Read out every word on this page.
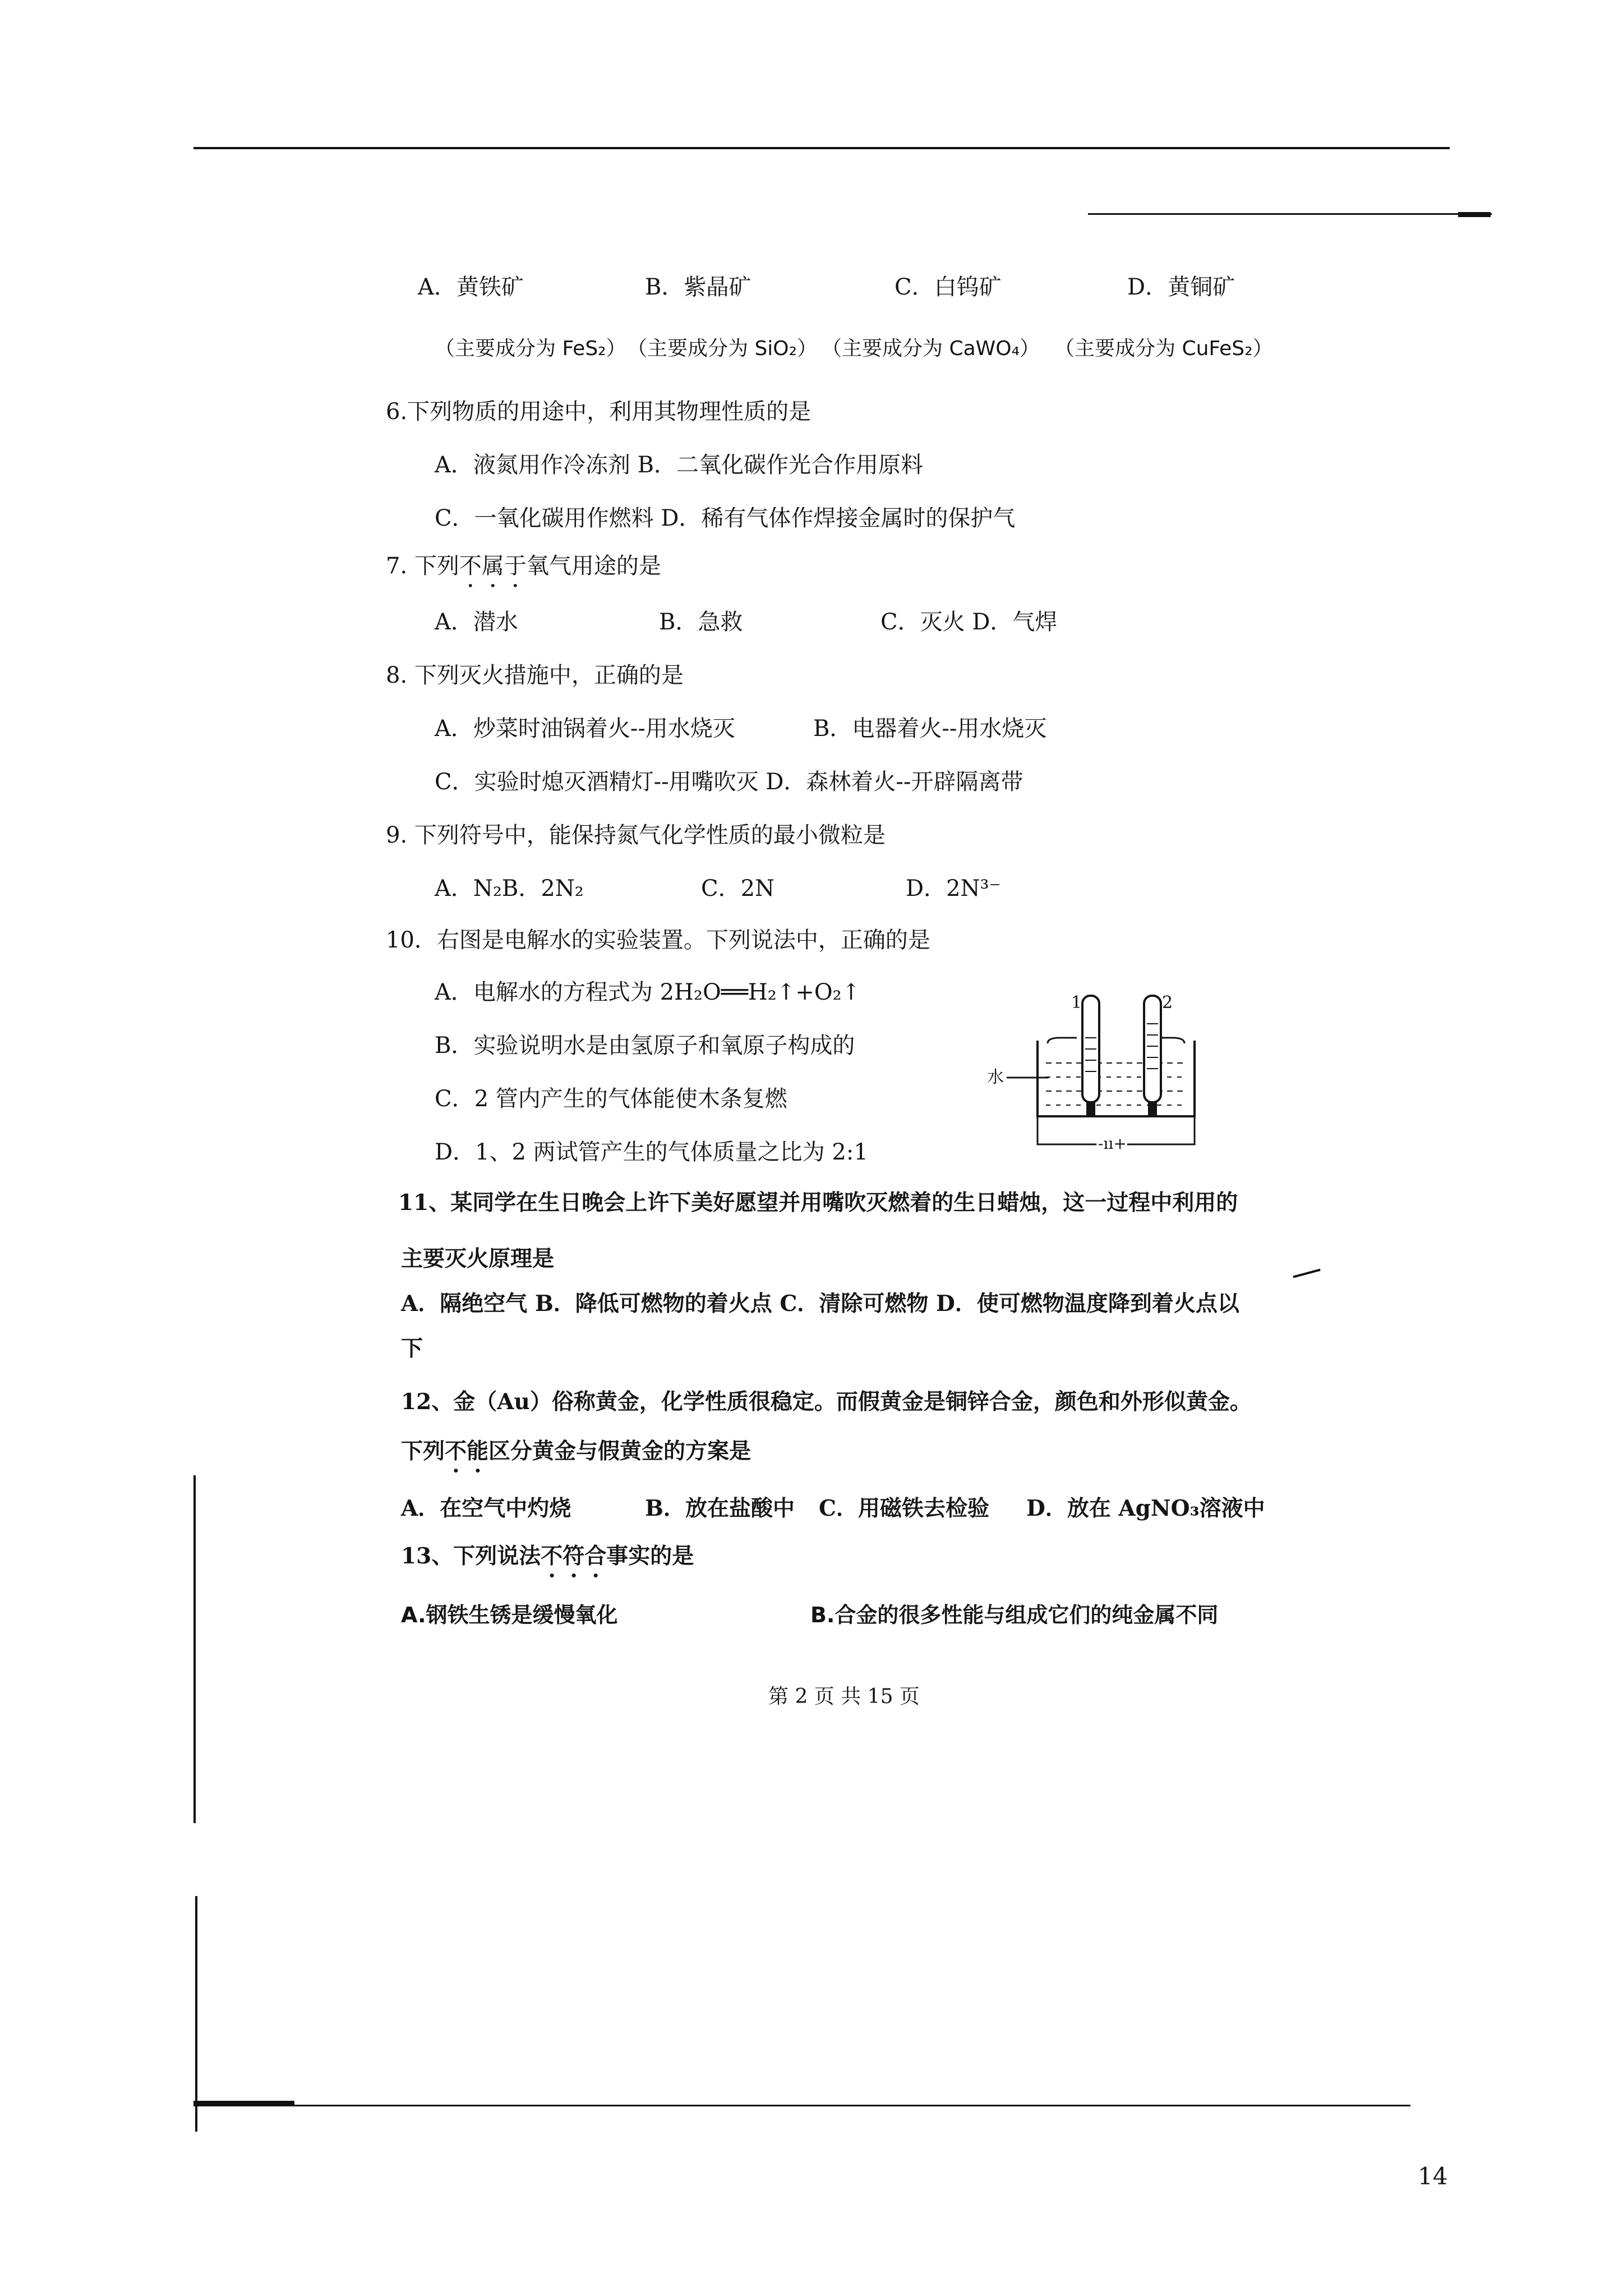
A．黄铁矿	B．紫晶矿	C．白钨矿	D．黄铜矿
（主要成分为 FeS₂） （主要成分为 SiO₂） （主要成分为 CaWO₄） （主要成分为 CuFeS₂）
6.下列物质的用途中，利用其物理性质的是
A．液氮用作冷冻剂 B．二氧化碳作光合作用原料
C．一氧化碳用作燃料 D．稀有气体作焊接金属时的保护气
7. 下列不属于氧气用途的是
A．潜水	B．急救	C．灭火 D．气焊
8. 下列灭火措施中，正确的是
A．炒菜时油锅着火--用水烧灭	B．电器着火--用水烧灭
C．实验时熄灭酒精灯--用嘴吹灭 D．森林着火--开辟隔离带
9. 下列符号中，能保持氮气化学性质的最小微粒是
A．N₂B．2N₂	C．2N	D．2N³⁻
10．右图是电解水的实验装置。下列说法中，正确的是
A．电解水的方程式为 2H₂O══H₂↑+O₂↑
B．实验说明水是由氢原子和氧原子构成的
C．2 管内产生的气体能使木条复燃
D．1、2 两试管产生的气体质量之比为 2:1
1	2
水
-ıı+
11、某同学在生日晚会上许下美好愿望并用嘴吹灭燃着的生日蜡烛，这一过程中利用的
主要灭火原理是
A．隔绝空气 B．降低可燃物的着火点 C．清除可燃物 D．使可燃物温度降到着火点以
下
12、金（Au）俗称黄金，化学性质很稳定。而假黄金是铜锌合金，颜色和外形似黄金。
下列不能区分黄金与假黄金的方案是
A．在空气中灼烧	B．放在盐酸中 C．用磁铁去检验 D．放在 AgNO₃溶液中
13、下列说法不符合事实的是
A.钢铁生锈是缓慢氧化	B.合金的很多性能与组成它们的纯金属不同
第 2 页 共 15 页
14
